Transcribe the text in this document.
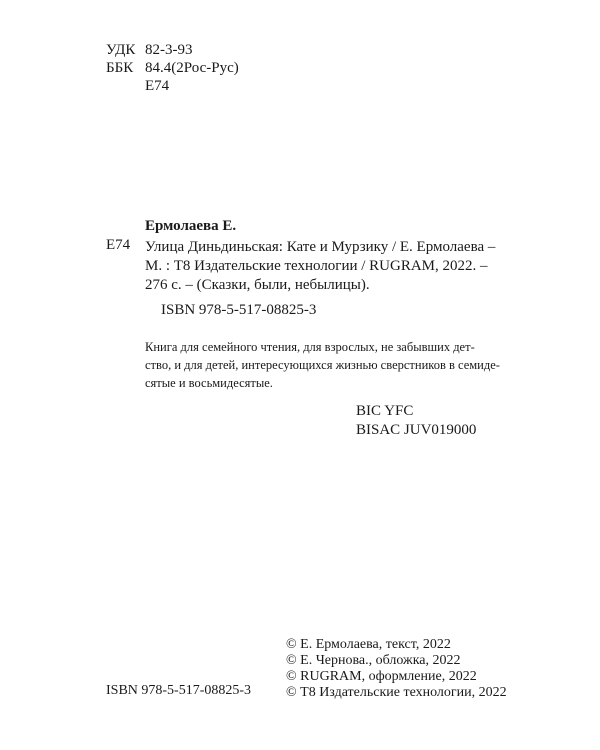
УДК 82-3-93
ББК 84.4(2Рос-Рус)
Е74
Ермолаева Е.
Е74 Улица Диньдиньская: Кате и Мурзику / Е. Ермолаева –
М. : Т8 Издательские технологии / RUGRAM, 2022. –
276 с. – (Сказки, были, небылицы).
ISBN 978-5-517-08825-3
Книга для семейного чтения, для взрослых, не забывших дет-
ство, и для детей, интересующихся жизнью сверстников в семиде-
сятые и восьмидесятые.
BIC YFC
BISAC JUV019000
© Е. Ермолаева, текст, 2022
© Е. Чернова., обложка, 2022
© RUGRAM, оформление, 2022
© Т8 Издательские технологии, 2022
ISBN 978-5-517-08825-3
